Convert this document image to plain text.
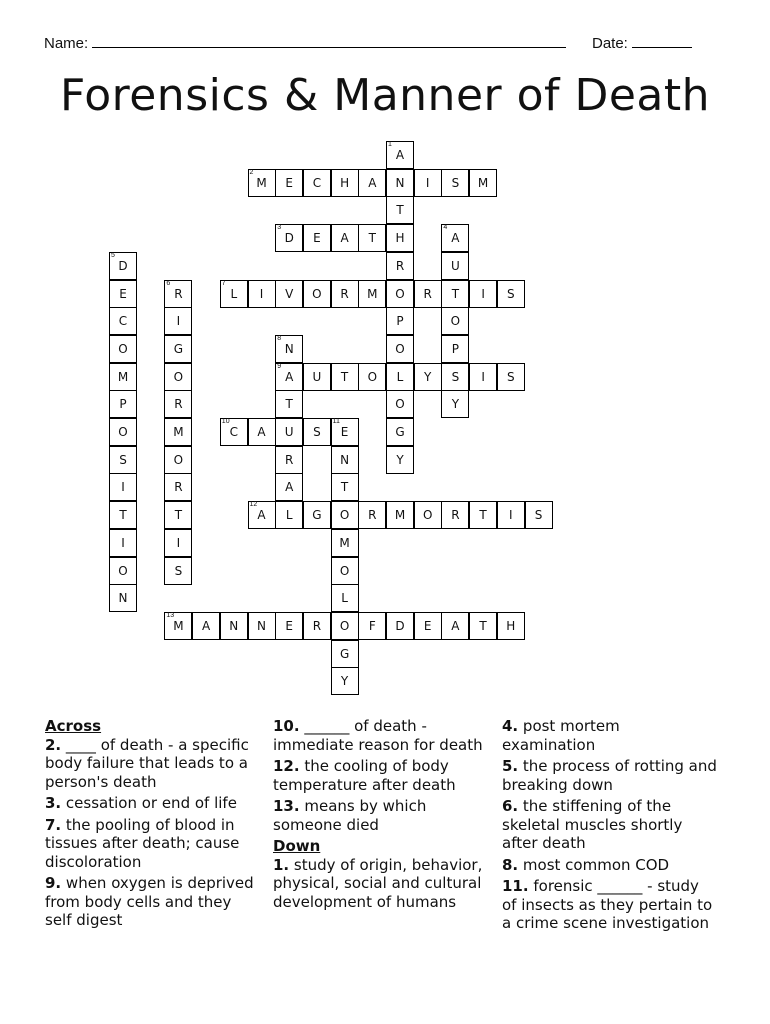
Name:	Date:
Forensics & Manner of Death
1
A
N
T
H
R
O
P
O
L
O
G
Y
2
M	E	C	H	A	I	S	M
3
D	E	A	T
4
A
U
T
O
P
S
Y
5
D
E
C
O
M
P
O
S
I
T
I
O
N
6
R
I
G
O
R
M
O
R
T
I
S
7
L	I	V	O	R	M	R	I	S
8
N
9
A
T
U
R
A
L
U	T	O	Y	I	S
10
C	A	S
11
E
N
T
O
M
O
L
O
G
Y
12
A	G	R	M	O	R	T	I	S
13
M	A	N	N	E	R	F	D	E	A	T	H
Across
2. ____ of death - a specific body failure that leads to a person's death
3. cessation or end of life
7. the pooling of blood in tissues after death; cause discoloration
9. when oxygen is deprived from body cells and they self digest
10. ______ of death - immediate reason for death
12. the cooling of body temperature after death
13. means by which someone died
Down
1. study of origin, behavior, physical, social and cultural development of humans
4. post mortem examination
5. the process of rotting and breaking down
6. the stiffening of the skeletal muscles shortly after death
8. most common COD
11. forensic ______ - study of insects as they pertain to a crime scene investigation
